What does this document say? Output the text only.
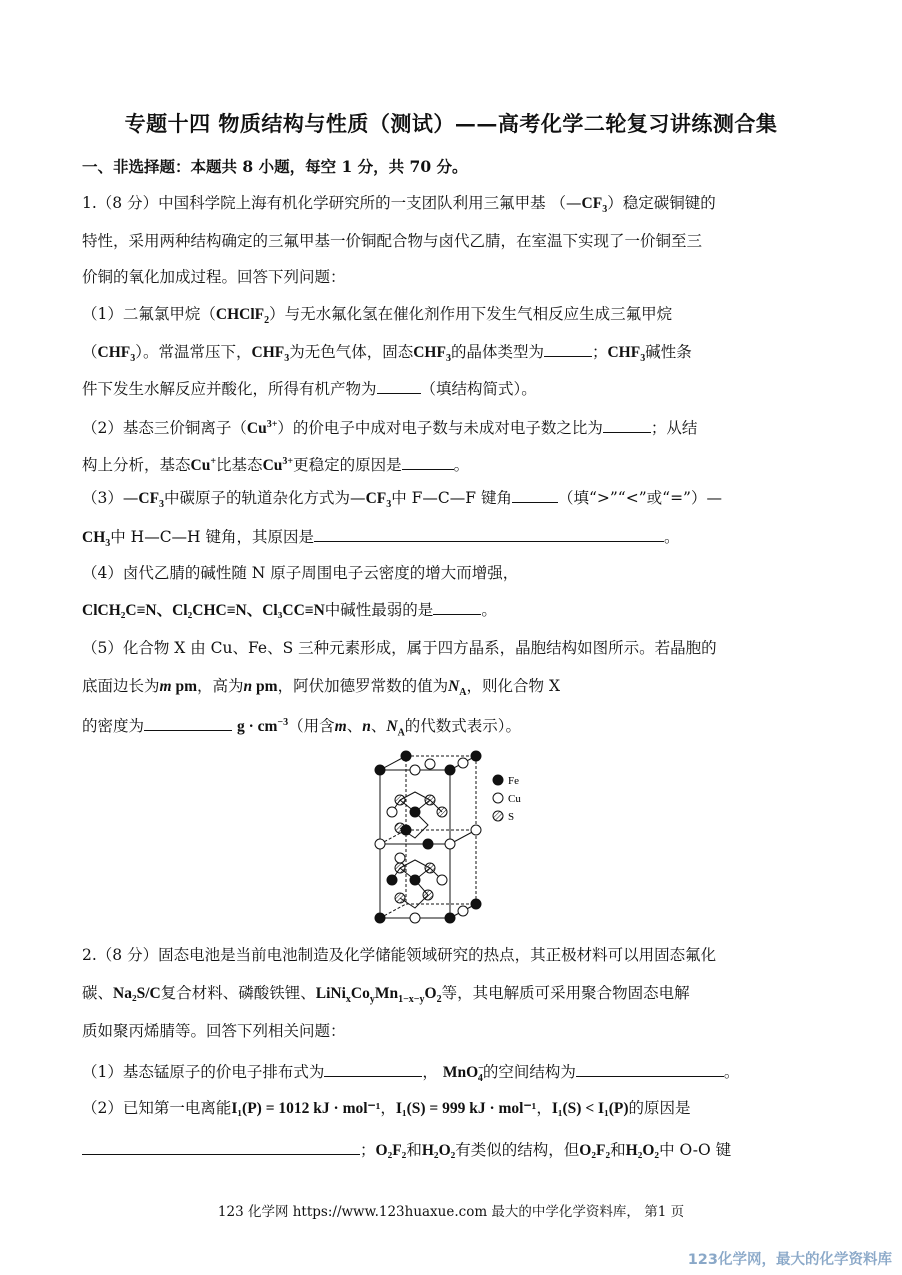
专题十四 物质结构与性质（测试）——高考化学二轮复习讲练测合集
一、非选择题：本题共 8 小题，每空 1 分，共 70 分。
1.（8 分）中国科学院上海有机化学研究所的一支团队利用三氟甲基 $(—CF_3)$稳定碳铜键的
特性，采用两种结构确定的三氟甲基一价铜配合物与卤代乙腈，在室温下实现了一价铜至三
价铜的氧化加成过程。回答下列问题：
（1）二氟氯甲烷（CHClF$_2$）与无水氟化氢在催化剂作用下发生气相反应生成三氟甲烷
$(CHF_3)$。常温常压下，$CHF_3$为无色气体，固态$CHF_3$的晶体类型为	；$CHF_3$碱性条
件下发生水解反应并酸化，所得有机产物为	（填结构简式）。
（2）基态三价铜离子$(Cu^{3+})$的价电子中成对电子数与未成对电子数之比为	；从结
构上分析，基态Cu+比基态$Cu^{3+}$更稳定的原因是	。
$(3)—CF_3$中碳原子的轨道杂化方式为$—CF_3$中 F—C—F 键角	（填“>”“<”或“=”）—
$CH_3$中 H—C—H 键角，其原因是	。
（4）卤代乙腈的碱性随 N 原子周围电子云密度的增大而增强，
ClCH₂C≡N、Cl₂CHC≡N、Cl₃CC≡N中碱性最弱的是	。
（5）化合物 X 由 Cu、Fe、S 三种元素形成，属于四方晶系，晶胞结构如图所示。若晶胞的
底面边长为m pm，高为n pm，阿伏加德罗常数的值为$N_A$，则化合物 X
的密度为	$g \cdot cm^{-3}$（用含m、n、$N_A$的代数式表示）。
Fe
Cu
S
2.（8 分）固态电池是当前电池制造及化学储能领域研究的热点，其正极材料可以用固态氟化
碳、Na₂S/C复合材料、磷酸铁锂、$LiNi_xCo_yMn_{1-x-y}O_2$等，其电解质可采用聚合物固态电解
质如聚丙烯腈等。回答下列相关问题：
（1）基态锰原子的价电子排布式为	， MnO−$_4$的空间结构为	。
（2）已知第一电离能I₁(P) = 1012 kJ · mol⁻¹，I₁(S) = 999 kJ · mol⁻¹，I₁(S) < I₁(P)的原因是
；O₂F₂和H₂O₂有类似的结构，但O₂F₂和H₂O₂中 O-O 键
123 化学网 https://www.123huaxue.com 最大的中学化学资料库， 第1 页
123化学网，最大的化学资料库
